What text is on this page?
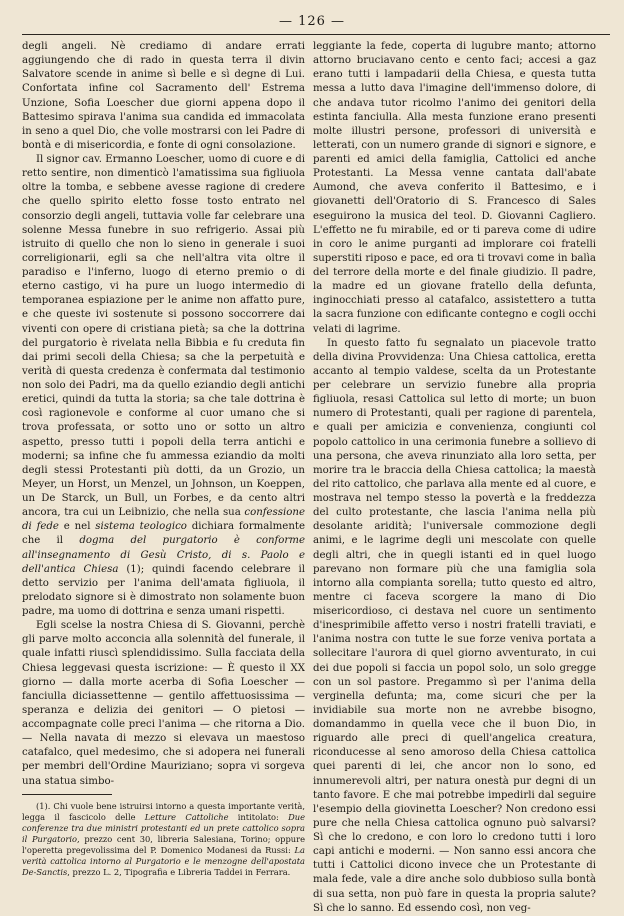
— 126 —

degli angeli. Nè crediamo di andare errati aggiungendo che di rado in questa terra il divin Salvatore scende in anime sì belle e sì degne di Lui. Confortata infine col Sacramento dell' Estrema Unzione, Sofia Loescher due giorni appena dopo il Battesimo spirava l'anima sua candida ed immacolata in seno a quel Dio, che volle mostrarsi con lei Padre di bontà e di misericordia, e fonte di ogni consolazione.

Il signor cav. Ermanno Loescher, uomo di cuore e di retto sentire, non dimenticò l'amatissima sua figliuola oltre la tomba, e sebbene avesse ragione di credere che quello spirito eletto fosse tosto entrato nel consorzio degli angeli, tuttavia volle far celebrare una solenne Messa funebre in suo refrigerio. Assai più istruito di quello che non lo sieno in generale i suoi correligionarii, egli sa che nell'altra vita oltre il paradiso e l'inferno, luogo di eterno premio o di eterno castigo, vi ha pure un luogo intermedio di temporanea espiazione per le anime non affatto pure, e che queste ivi sostenute si possono soccorrere dai viventi con opere di cristiana pietà; sa che la dottrina del purgatorio è rivelata nella Bibbia e fu creduta fin dai primi secoli della Chiesa; sa che la perpetuità e verità di questa credenza è confermata dal testimonio non solo dei Padri, ma da quello eziandio degli antichi eretici, quindi da tutta la storia; sa che tale dottrina è così ragionevole e conforme al cuor umano che si trova professata, or sotto uno or sotto un altro aspetto, presso tutti i popoli della terra antichi e moderni; sa infine che fu ammessa eziandio da molti degli stessi Protestanti più dotti, da un Grozio, un Meyer, un Horst, un Menzel, un Johnson, un Koeppen, un De Starck, un Bull, un Forbes, e da cento altri ancora, tra cui un Leibnizio, che nella sua confessione di fede e nel sistema teologico dichiara formalmente che il dogma del purgatorio è conforme all'insegnamento di Gesù Cristo, di s. Paolo e dell'antica Chiesa (1); quindi facendo celebrare il detto servizio per l'anima dell'amata figliuola, il prelodato signore si è dimostrato non solamente buon padre, ma uomo di dottrina e senza umani rispetti.

Egli scelse la nostra Chiesa di S. Giovanni, perchè gli parve molto acconcia alla solennità del funerale, il quale infatti riuscì splendidissimo. Sulla facciata della Chiesa leggevasi questa iscrizione: — È questo il XX giorno — dalla morte acerba di Sofia Loescher — fanciulla diciassettenne — gentilo affettuosissima — speranza e delizia dei genitori — O pietosi — accompagnate colle preci l'anima — che ritorna a Dio. — Nella navata di mezzo si elevava un maestoso catafalco, quel medesimo, che si adopera nei funerali per membri dell'Ordine Mauriziano; sopra vi sorgeva una statua simbo-

(1). Chi vuole bene istruirsi intorno a questa importante verità, legga il fascicolo delle Letture Cattoliche intitolato: Due conferenze tra due ministri protestanti ed un prete cattolico sopra il Purgatorio, prezzo cent 30, libreria Salesiana, Torino; oppure l'operetta pregevolissima del P. Domenico Modanesi da Russi: La verità cattolica intorno al Purgatorio e le menzogne dell'apostata De-Sanctis, prezzo L. 2, Tipografia e Libreria Taddei in Ferrara.

leggiante la fede, coperta di lugubre manto; attorno attorno bruciavano cento e cento faci; accesi a gaz erano tutti i lampadarii della Chiesa, e questa tutta messa a lutto dava l'imagine dell'immenso dolore, di che andava tutor ricolmo l'animo dei genitori della estinta fanciulla. Alla mesta funzione erano presenti molte illustri persone, professori di università e letterati, con un numero grande di signori e signore, e parenti ed amici della famiglia, Cattolici ed anche Protestanti. La Messa venne cantata dall'abate Aumond, che aveva conferito il Battesimo, e i giovanetti dell'Oratorio di S. Francesco di Sales eseguirono la musica del teol. D. Giovanni Cagliero. L'effetto ne fu mirabile, ed or ti pareva come di udire in coro le anime purganti ad implorare coi fratelli superstiti riposo e pace, ed ora ti trovavi come in balìa del terrore della morte e del finale giudizio. Il padre, la madre ed un giovane fratello della defunta, inginocchiati presso al catafalco, assistettero a tutta la sacra funzione con edificante contegno e cogli occhi velati di lagrime.

In questo fatto fu segnalato un piacevole tratto della divina Provvidenza: Una Chiesa cattolica, eretta accanto al tempio valdese, scelta da un Protestante per celebrare un servizio funebre alla propria figliuola, resasi Cattolica sul letto di morte; un buon numero di Protestanti, quali per ragione di parentela, e quali per amicizia e convenienza, congiunti col popolo cattolico in una cerimonia funebre a sollievo di una persona, che aveva rinunziato alla loro setta, per morire tra le braccia della Chiesa cattolica; la maestà del rito cattolico, che parlava alla mente ed al cuore, e mostrava nel tempo stesso la povertà e la freddezza del culto protestante, che lascia l'anima nella più desolante aridità; l'universale commozione degli animi, e le lagrime degli uni mescolate con quelle degli altri, che in quegli istanti ed in quel luogo parevano non formare più che una famiglia sola intorno alla compianta sorella; tutto questo ed altro, mentre ci faceva scorgere la mano di Dio misericordioso, ci destava nel cuore un sentimento d'inesprimibile affetto verso i nostri fratelli traviati, e l'anima nostra con tutte le sue forze veniva portata a sollecitare l'aurora di quel giorno avventurato, in cui dei due popoli si faccia un popol solo, un solo gregge con un sol pastore. Pregammo sì per l'anima della verginella defunta; ma, come sicuri che per la invidiabile sua morte non ne avrebbe bisogno, domandammo in quella vece che il buon Dio, in riguardo alle preci di quell'angelica creatura, riconducesse al seno amoroso della Chiesa cattolica quei parenti di lei, che ancor non lo sono, ed innumerevoli altri, per natura onestà pur degni di un tanto favore. E che mai potrebbe impedirli dal seguire l'esempio della giovinetta Loescher? Non credono essi pure che nella Chiesa cattolica ognuno può salvarsi? Sì che lo credono, e con loro lo credono tutti i loro capi antichi e moderni. — Non sanno essi ancora che tutti i Cattolici dicono invece che un Protestante di mala fede, vale a dire anche solo dubbioso sulla bontà di sua setta, non può fare in questa la propria salute? Sì che lo sanno. Ed essendo così, non veg-
